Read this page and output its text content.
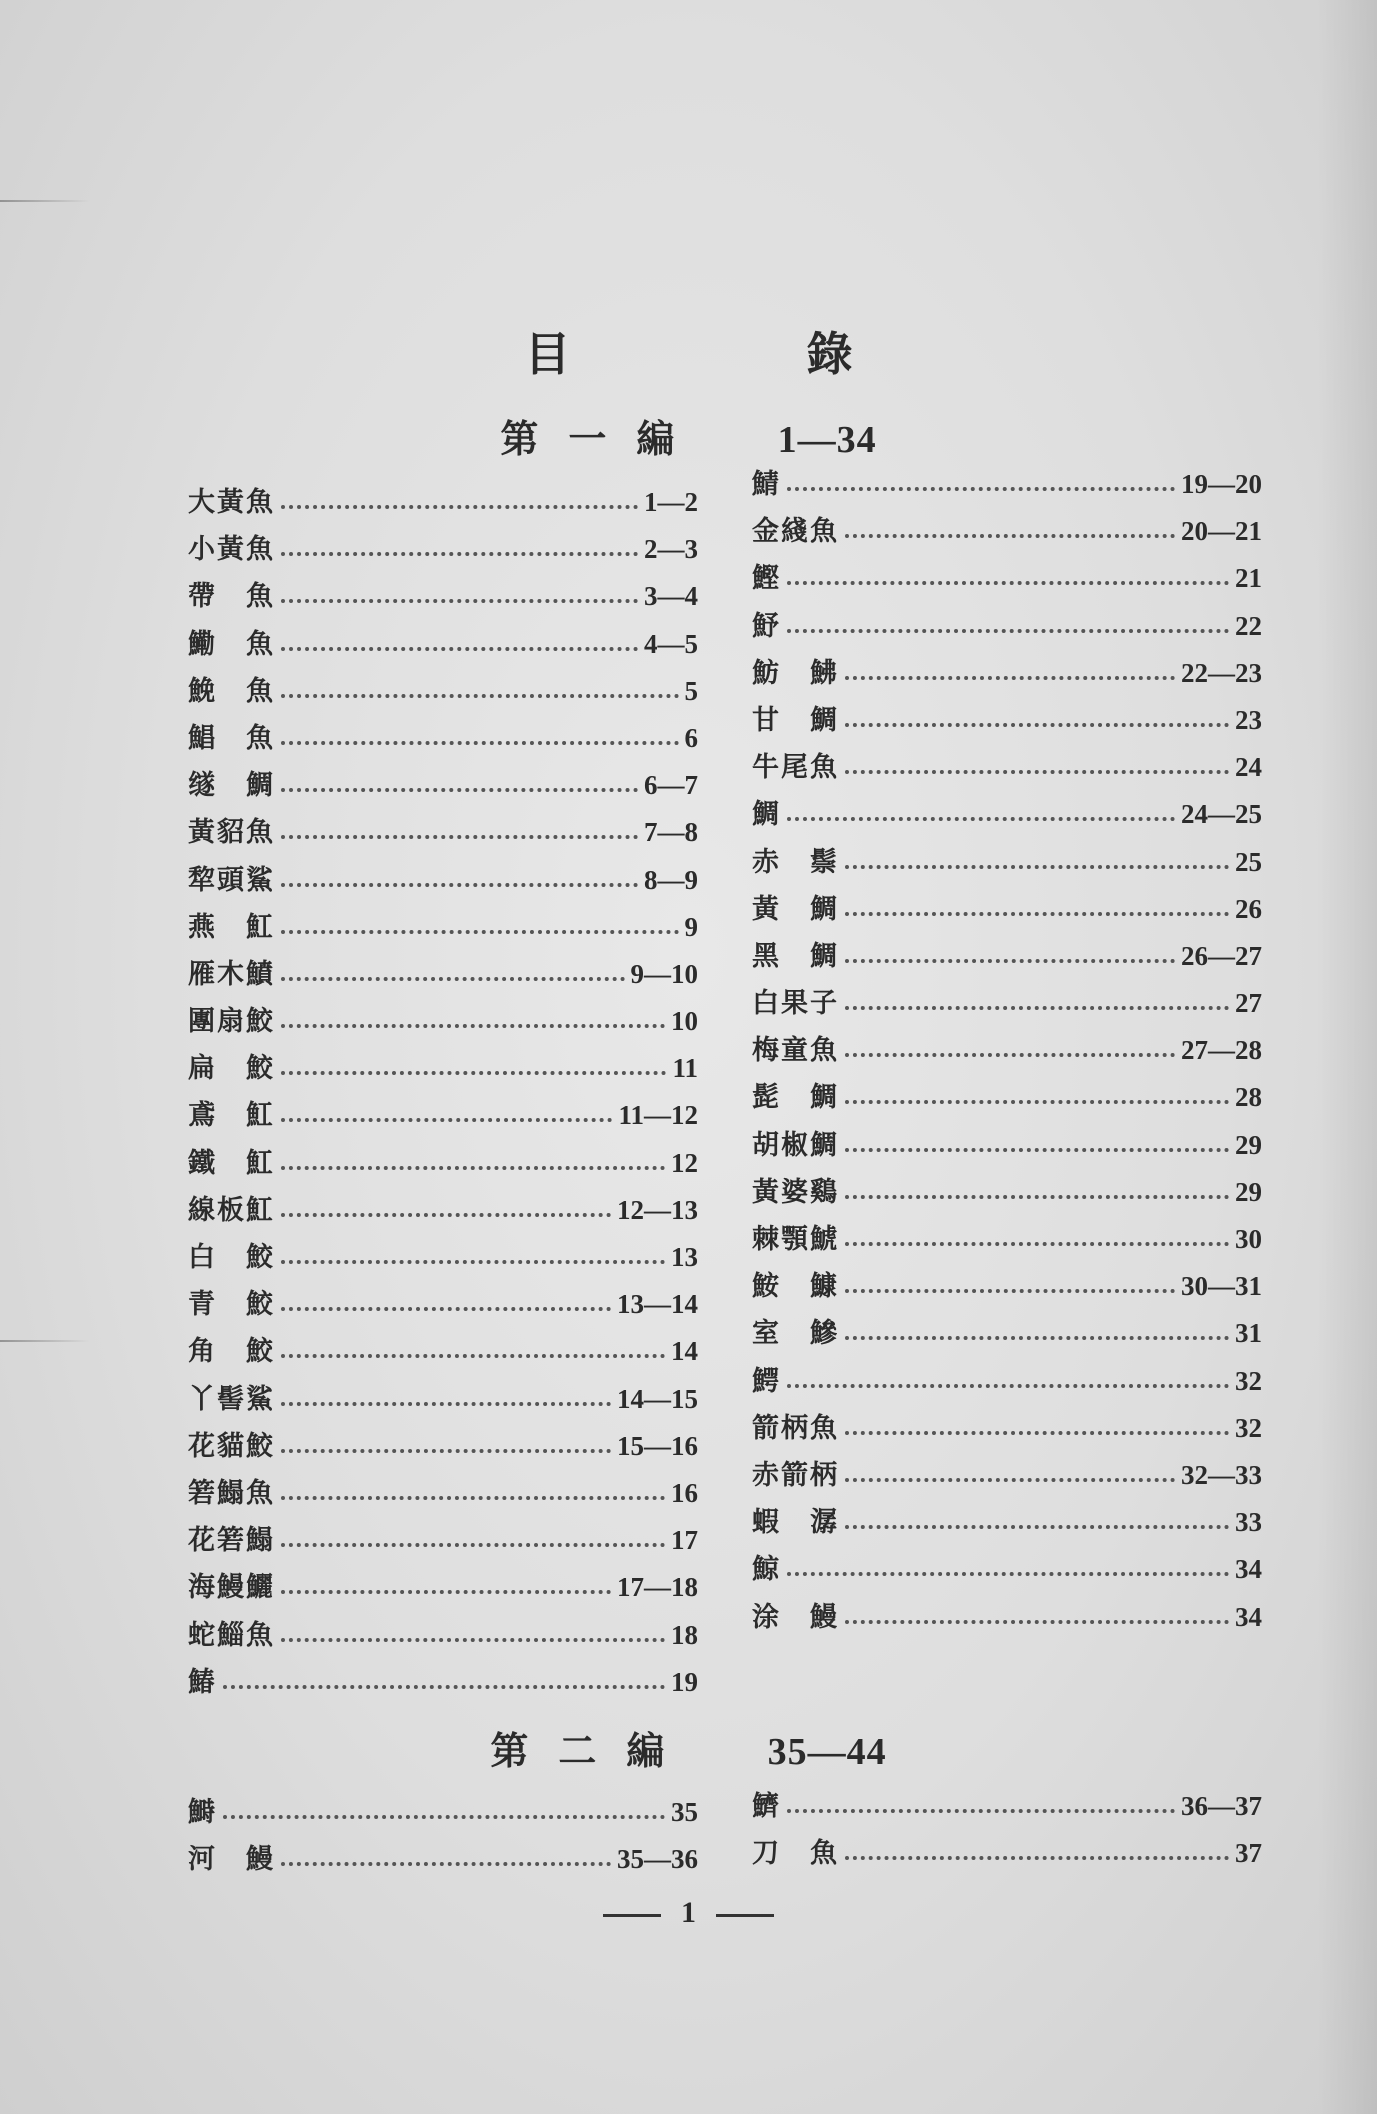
目 錄
第一編 1—34
大黃魚	1—2
小黃魚	2—3
帶　魚	3—4
鰳　魚	4—5
鮸　魚	5
鯧　魚	6
䍁　鯛	6—7
黃貂魚	7—8
犂頭鯊	8—9
燕　魟	9
雁木鱝	9—10
團扇鮫	10
扁　鮫	11
鳶　魟	11—12
鐵　魟	12
線板魟	12—13
白　鮫	13
青　鮫	13—14
角　鮫	14
丫髻鯊	14—15
花貓鮫	15—16
箬鰨魚	16
花箬鰨	17
海鰻鱺	17—18
蛇鯔魚	18
鰆	19
鯖	19—20
金綫魚	20—21
鰹	21
魣	22
魴　鮄	22—23
甘　鯛	23
牛尾魚	24
鯛	24—25
赤　鬃	25
黃　鯛	26
黑　鯛	26—27
白果子	27
梅童魚	27—28
髭　鯛	28
胡椒鯛	29
黃婆鷄	29
棘顎鯱	30
鮟　鱇	30—31
室　鰺	31
鰐	32
箭柄魚	32
赤箭柄	32—33
蝦　潺	33
鯨	34
涂　鰻	34
第二編 35—44
鰣	35
河　鰻	35—36
鱭	36—37
刀　魚	37
1
